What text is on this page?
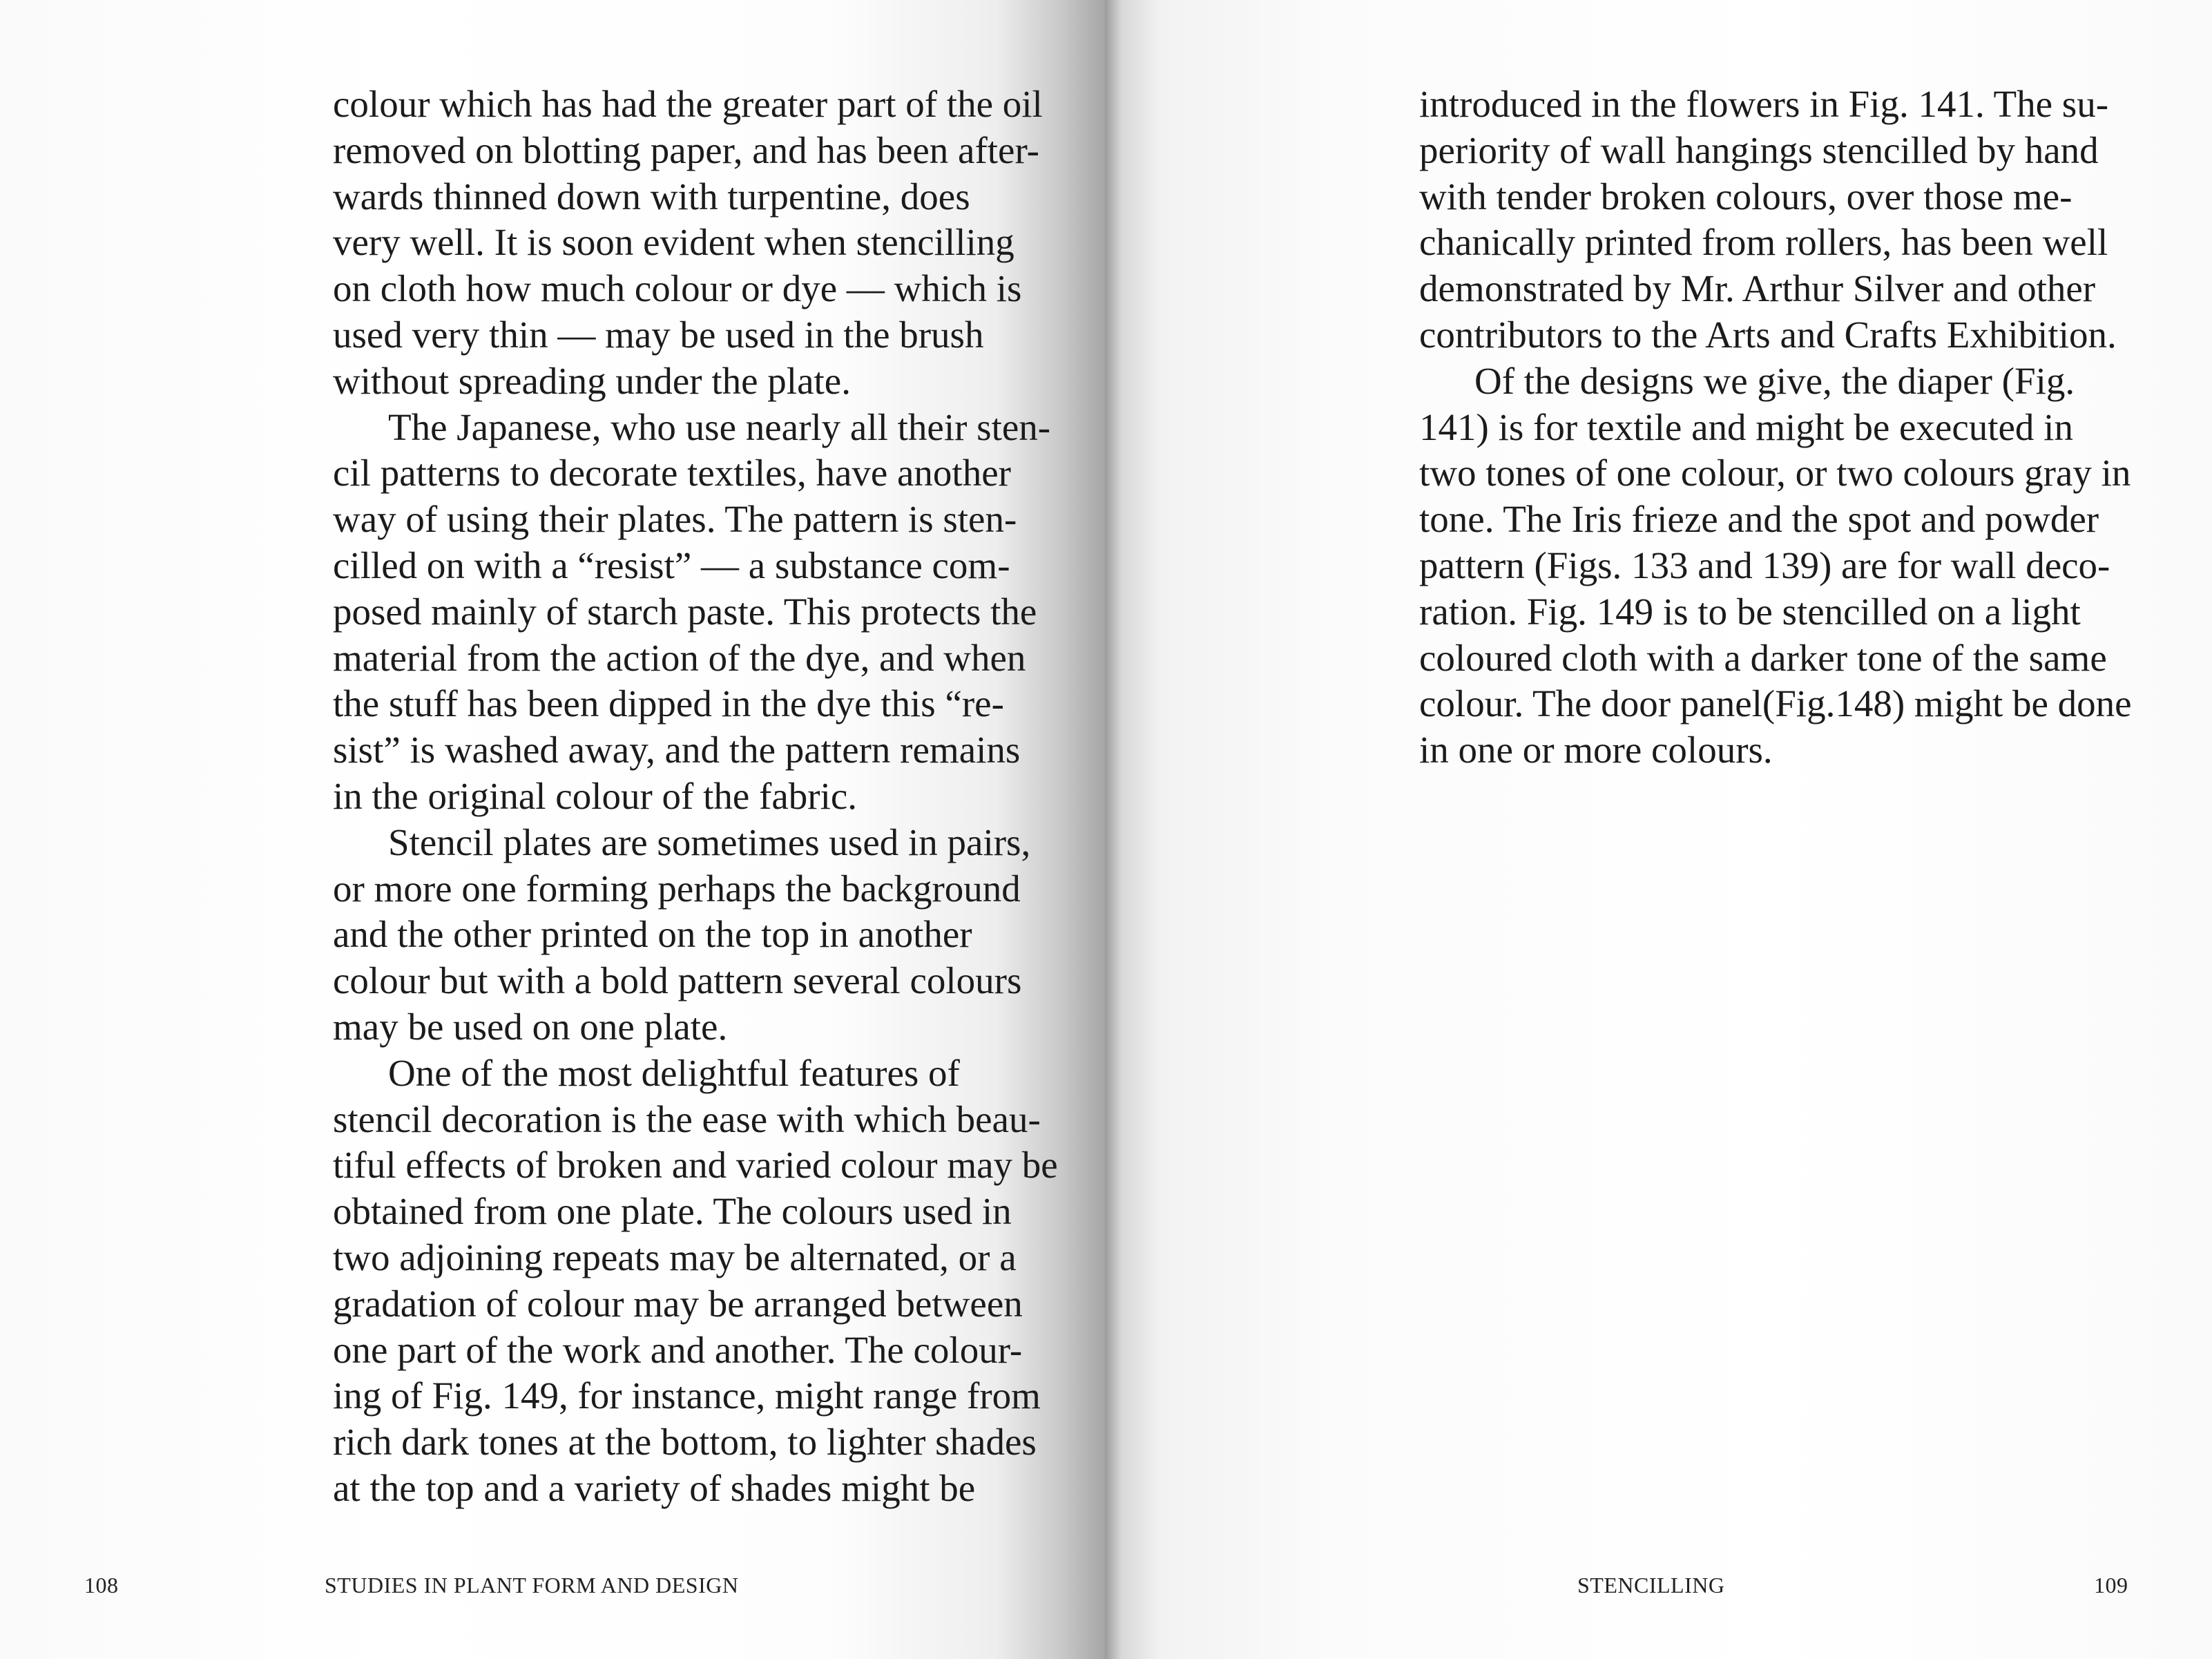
colour which has had the greater part of the oil
removed on blotting paper, and has been after-
wards thinned down with turpentine, does
very well. It is soon evident when stencilling
on cloth how much colour or dye — which is
used very thin — may be used in the brush
without spreading under the plate.
The Japanese, who use nearly all their sten-
cil patterns to decorate textiles, have another
way of using their plates. The pattern is sten-
cilled on with a “resist” — a substance com-
posed mainly of starch paste. This protects the
material from the action of the dye, and when
the stuff has been dipped in the dye this “re-
sist” is washed away, and the pattern remains
in the original colour of the fabric.
Stencil plates are sometimes used in pairs,
or more one forming perhaps the background
and the other printed on the top in another
colour but with a bold pattern several colours
may be used on one plate.
One of the most delightful features of
stencil decoration is the ease with which beau-
tiful effects of broken and varied colour may be
obtained from one plate. The colours used in
two adjoining repeats may be alternated, or a
gradation of colour may be arranged between
one part of the work and another. The colour-
ing of Fig. 149, for instance, might range from
rich dark tones at the bottom, to lighter shades
at the top and a variety of shades might be
108	STUDIES IN PLANT FORM AND DESIGN
introduced in the flowers in Fig. 141. The su-
periority of wall hangings stencilled by hand
with tender broken colours, over those me-
chanically printed from rollers, has been well
demonstrated by Mr. Arthur Silver and other
contributors to the Arts and Crafts Exhibition.
Of the designs we give, the diaper (Fig.
141) is for textile and might be executed in
two tones of one colour, or two colours gray in
tone. The Iris frieze and the spot and powder
pattern (Figs. 133 and 139) are for wall deco-
ration. Fig. 149 is to be stencilled on a light
coloured cloth with a darker tone of the same
colour. The door panel(Fig.148) might be done
in one or more colours.
STENCILLING	109
